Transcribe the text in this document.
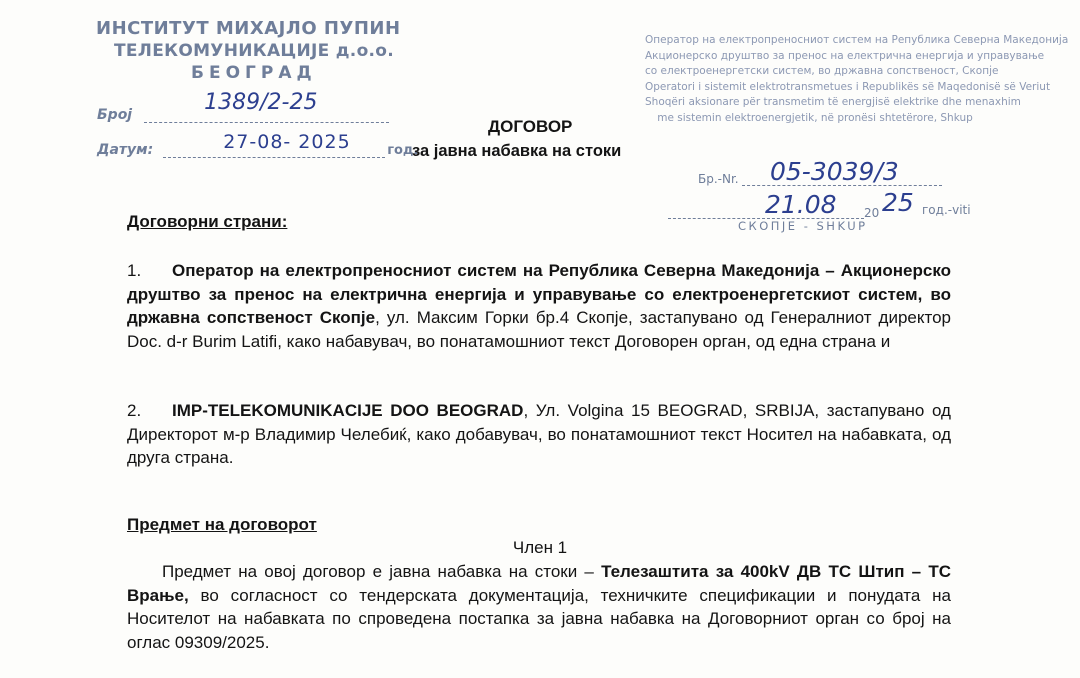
ИНСТИТУТ МИХАЈЛО ПУПИН
ТЕЛЕКОМУНИКАЦИЈЕ д.о.о.
БЕОГРАД
Број	1389/2-25
Датум:	27-08- 2025	год.
Оператор на електропреносниот систем на Република Северна Македонија
Акционерско друштво за пренос на електрична енергија и управување
со електроенергетски систем, во државна сопственост, Скопје
Operatori i sistemit elektrotransmetues i Republikës së Maqedonisë së Veriut
Shoqëri aksionare për transmetim të energjisë elektrike dhe menaxhim
me sistemin elektroenergjetik, në pronësi shtetërore, Shkup
Бр.-Nr. 05-3039/3
21.08 20 25 год.-viti
СКОПЈЕ - SHKUP
ДОГОВОР
за јавна набавка на стоки
Договорни страни:
1. Оператор на електропреносниот систем на Република Северна Македонија – Акционерско друштво за пренос на електрична енергија и управување со електроенергетскиот систем, во државна сопственост Скопје, ул. Максим Горки бр.4 Скопје, застапувано од Генералниот директор Doc. d-r Burim Latifi, како набавувач, во понатамошниот текст Договорен орган, од една страна и
2. IMP-TELEKOMUNIKACIJE DOO BEOGRAD, Ул. Volgina 15 BEOGRAD, SRBIJA, застапувано од Директорот м-р Владимир Челебиќ, како добавувач, во понатамошниот текст Носител на набавката, од друга страна.
Предмет на договорот
Член 1
Предмет на овој договор е јавна набавка на стоки – Телезаштита за 400kV ДВ ТС Штип – ТС Врање, во согласност со тендерската документација, техничките спецификации и понудата на Носителот на набавката по спроведена постапка за јавна набавка на Договорниот орган со број на оглас 09309/2025.
